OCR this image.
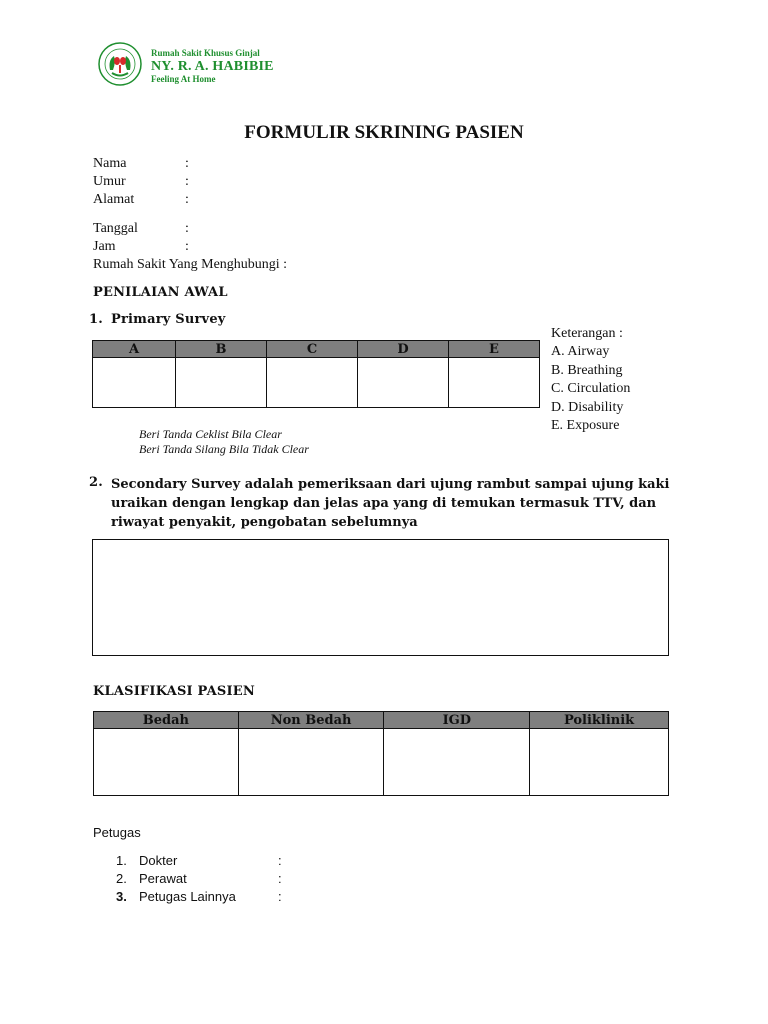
Rumah Sakit Khusus Ginjal
NY. R. A. HABIBIE
Feeling At Home
FORMULIR SKRINING PASIEN
Nama	:
Umur	:
Alamat	:
Tanggal	:
Jam	:
Rumah Sakit Yang Menghubungi :
PENILAIAN AWAL
1. Primary Survey
A	B	C	D	E

Keterangan :
A. Airway
B. Breathing
C. Circulation
D. Disability
E. Exposure
Beri Tanda Ceklist Bila Clear
Beri Tanda Silang Bila Tidak Clear
2. Secondary Survey adalah pemeriksaan dari ujung rambut sampai ujung kaki uraikan dengan lengkap dan jelas apa yang di temukan termasuk TTV, dan riwayat penyakit, pengobatan sebelumnya
KLASIFIKASI PASIEN
Bedah	Non Bedah	IGD	Poliklinik

Petugas
1. Dokter	:
2. Perawat	:
3. Petugas Lainnya	:
